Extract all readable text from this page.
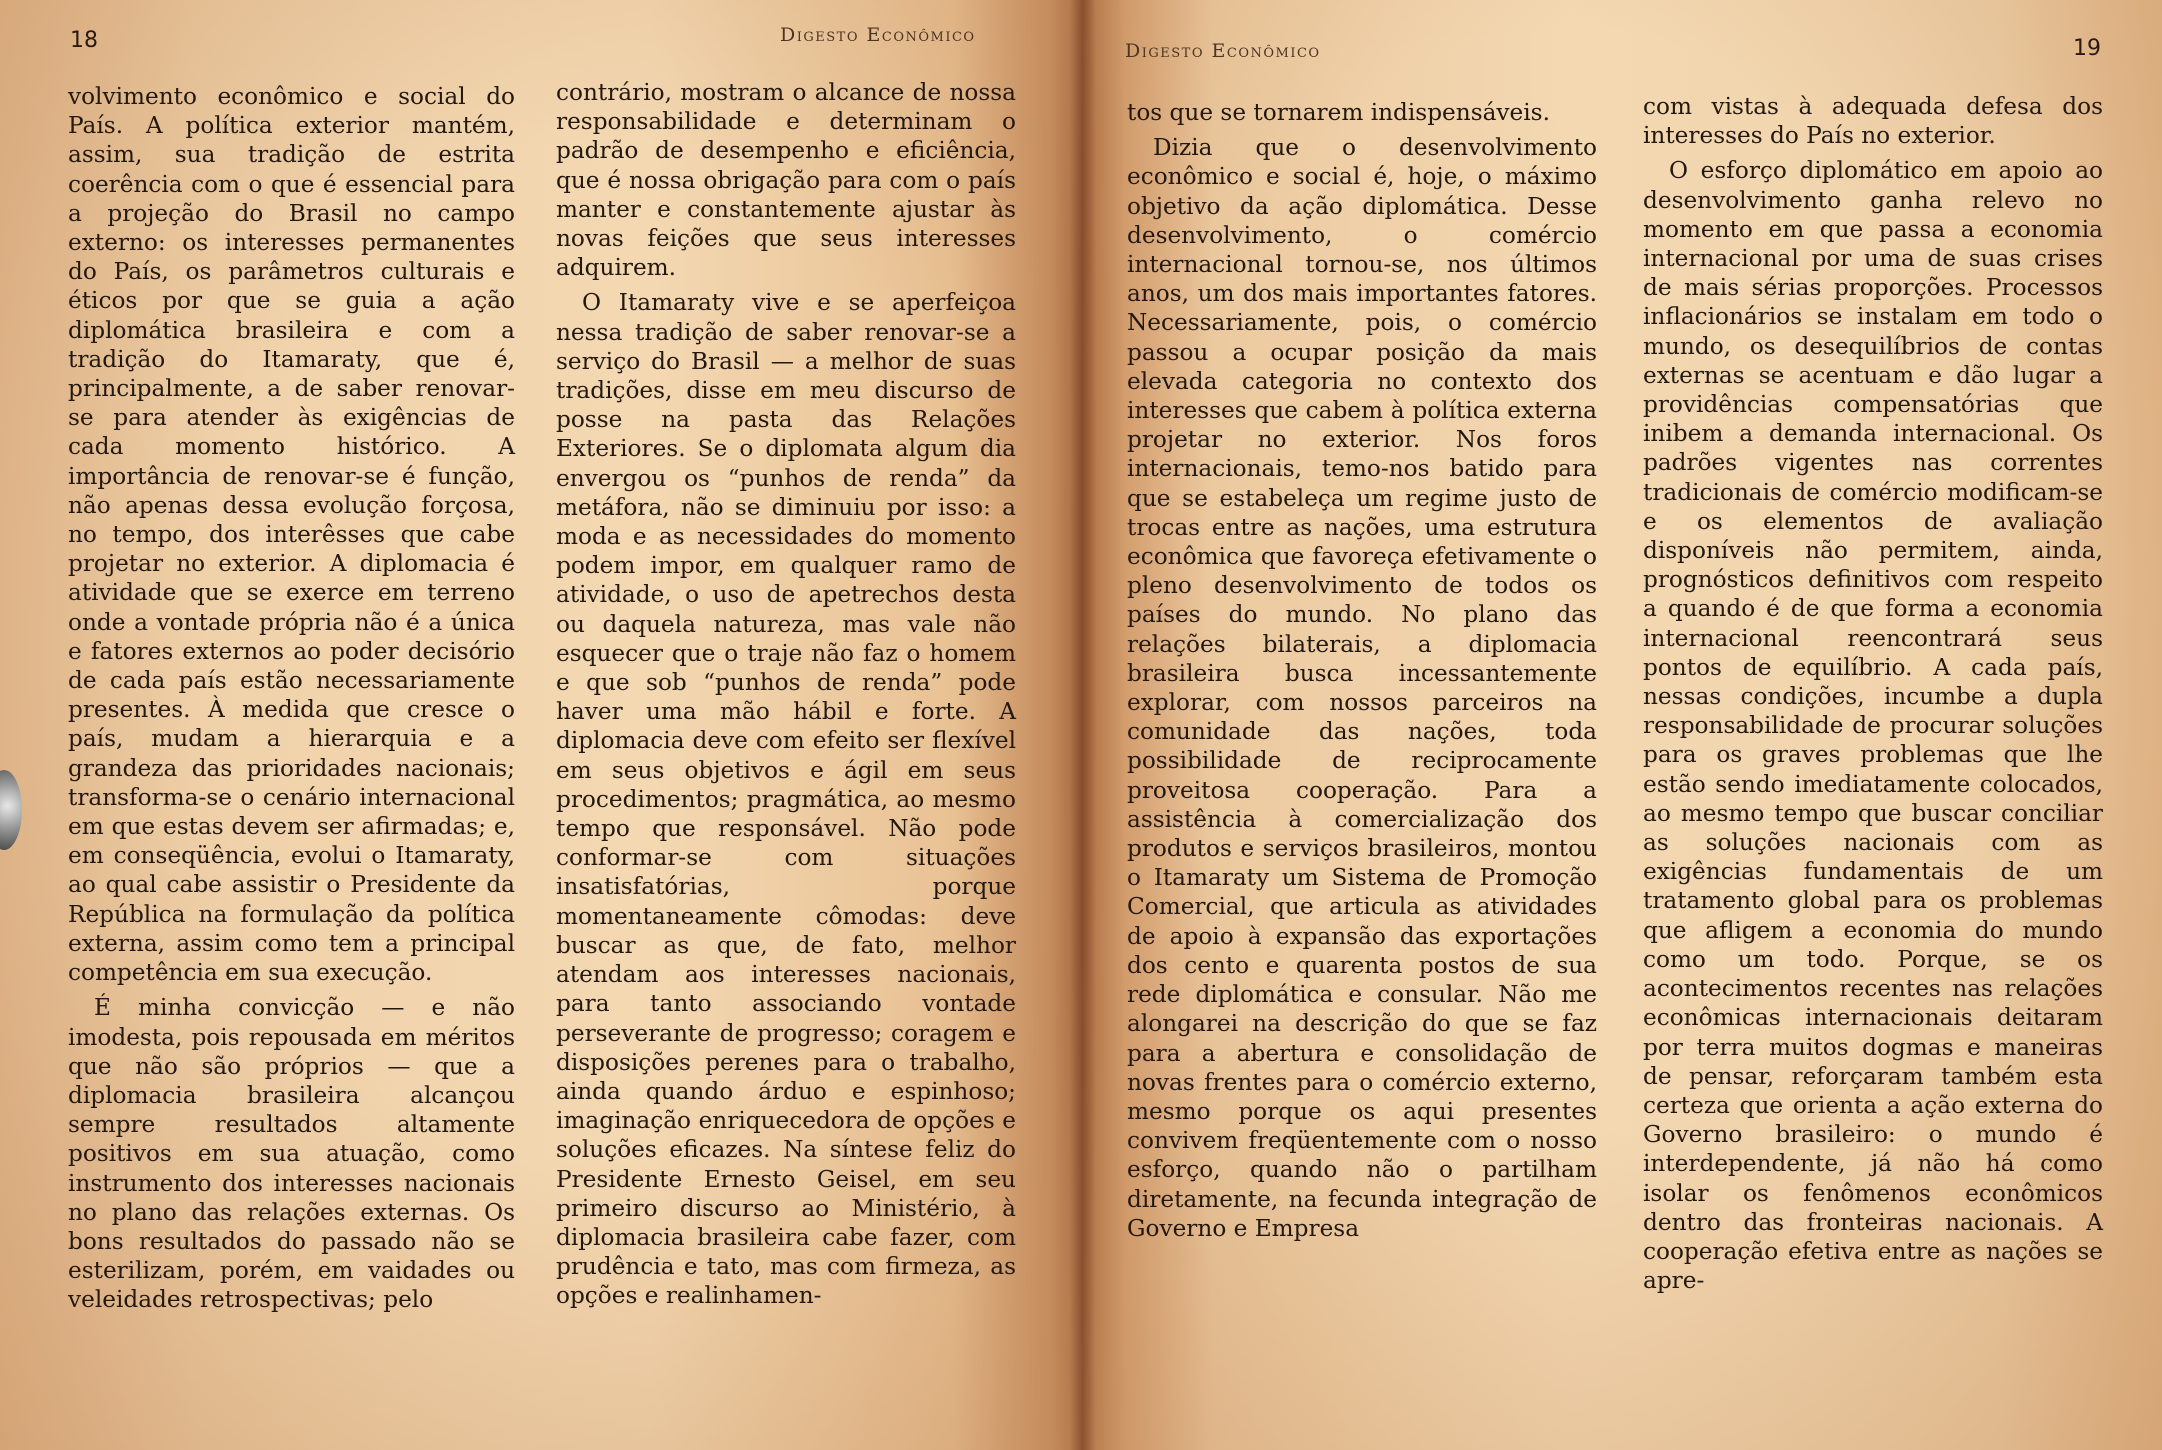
18	Digesto Econômico

volvimento econômico e social do País. A política exterior mantém, assim, sua tradição de estrita coerência com o que é essencial para a projeção do Brasil no campo externo: os interesses permanentes do País, os parâmetros culturais e éticos por que se guia a ação diplomática brasileira e com a tradição do Itamaraty, que é, principalmente, a de saber renovar-se para atender às exigências de cada momento histórico. A importância de renovar-se é função, não apenas dessa evolução forçosa, no tempo, dos interêsses que cabe projetar no exterior. A diplomacia é atividade que se exerce em terreno onde a vontade própria não é a única e fatores externos ao poder decisório de cada país estão necessariamente presentes. À medida que cresce o país, mudam a hierarquia e a grandeza das prioridades nacionais; transforma-se o cenário internacional em que estas devem ser afirmadas; e, em conseqüência, evolui o Itamaraty, ao qual cabe assistir o Presidente da República na formulação da política externa, assim como tem a principal competência em sua execução.

É minha convicção — e não imodesta, pois repousada em méritos que não são próprios — que a diplomacia brasileira alcançou sempre resultados altamente positivos em sua atuação, como instrumento dos interesses nacionais no plano das relações externas. Os bons resultados do passado não se esterilizam, porém, em vaidades ou veleidades retrospectivas; pelo

contrário, mostram o alcance de nossa responsabilidade e determinam o padrão de desempenho e eficiência, que é nossa obrigação para com o país manter e constantemente ajustar às novas feições que seus interesses adquirem.

O Itamaraty vive e se aperfeiçoa nessa tradição de saber renovar-se a serviço do Brasil — a melhor de suas tradições, disse em meu discurso de posse na pasta das Relações Exteriores. Se o diplomata algum dia envergou os “punhos de renda” da metáfora, não se diminuiu por isso: a moda e as necessidades do momento podem impor, em qualquer ramo de atividade, o uso de apetrechos desta ou daquela natureza, mas vale não esquecer que o traje não faz o homem e que sob “punhos de renda” pode haver uma mão hábil e forte. A diplomacia deve com efeito ser flexível em seus objetivos e ágil em seus procedimentos; pragmática, ao mesmo tempo que responsável. Não pode conformar-se com situações insatisfatórias, porque momentaneamente cômodas: deve buscar as que, de fato, melhor atendam aos interesses nacionais, para tanto associando vontade perseverante de progresso; coragem e disposições perenes para o trabalho, ainda quando árduo e espinhoso; imaginação enriquecedora de opções e soluções eficazes. Na síntese feliz do Presidente Ernesto Geisel, em seu primeiro discurso ao Ministério, à diplomacia brasileira cabe fazer, com prudência e tato, mas com firmeza, as opções e realinhamen-

Digesto Econômico	19

tos que se tornarem indispensáveis.

Dizia que o desenvolvimento econômico e social é, hoje, o máximo objetivo da ação diplomática. Desse desenvolvimento, o comércio internacional tornou-se, nos últimos anos, um dos mais importantes fatores. Necessariamente, pois, o comércio passou a ocupar posição da mais elevada categoria no contexto dos interesses que cabem à política externa projetar no exterior. Nos foros internacionais, temo-nos batido para que se estabeleça um regime justo de trocas entre as nações, uma estrutura econômica que favoreça efetivamente o pleno desenvolvimento de todos os países do mundo. No plano das relações bilaterais, a diplomacia brasileira busca incessantemente explorar, com nossos parceiros na comunidade das nações, toda possibilidade de reciprocamente proveitosa cooperação. Para a assistência à comercialização dos produtos e serviços brasileiros, montou o Itamaraty um Sistema de Promoção Comercial, que articula as atividades de apoio à expansão das exportações dos cento e quarenta postos de sua rede diplomática e consular. Não me alongarei na descrição do que se faz para a abertura e consolidação de novas frentes para o comércio externo, mesmo porque os aqui presentes convivem freqüentemente com o nosso esforço, quando não o partilham diretamente, na fecunda integração de Governo e Empresa

com vistas à adequada defesa dos interesses do País no exterior.

O esforço diplomático em apoio ao desenvolvimento ganha relevo no momento em que passa a economia internacional por uma de suas crises de mais sérias proporções. Processos inflacionários se instalam em todo o mundo, os desequilíbrios de contas externas se acentuam e dão lugar a providências compensatórias que inibem a demanda internacional. Os padrões vigentes nas correntes tradicionais de comércio modificam-se e os elementos de avaliação disponíveis não permitem, ainda, prognósticos definitivos com respeito a quando é de que forma a economia internacional reencontrará seus pontos de equilíbrio. A cada país, nessas condições, incumbe a dupla responsabilidade de procurar soluções para os graves problemas que lhe estão sendo imediatamente colocados, ao mesmo tempo que buscar conciliar as soluções nacionais com as exigências fundamentais de um tratamento global para os problemas que afligem a economia do mundo como um todo. Porque, se os acontecimentos recentes nas relações econômicas internacionais deitaram por terra muitos dogmas e maneiras de pensar, reforçaram também esta certeza que orienta a ação externa do Governo brasileiro: o mundo é interdependente, já não há como isolar os fenômenos econômicos dentro das fronteiras nacionais. A cooperação efetiva entre as nações se apre-
